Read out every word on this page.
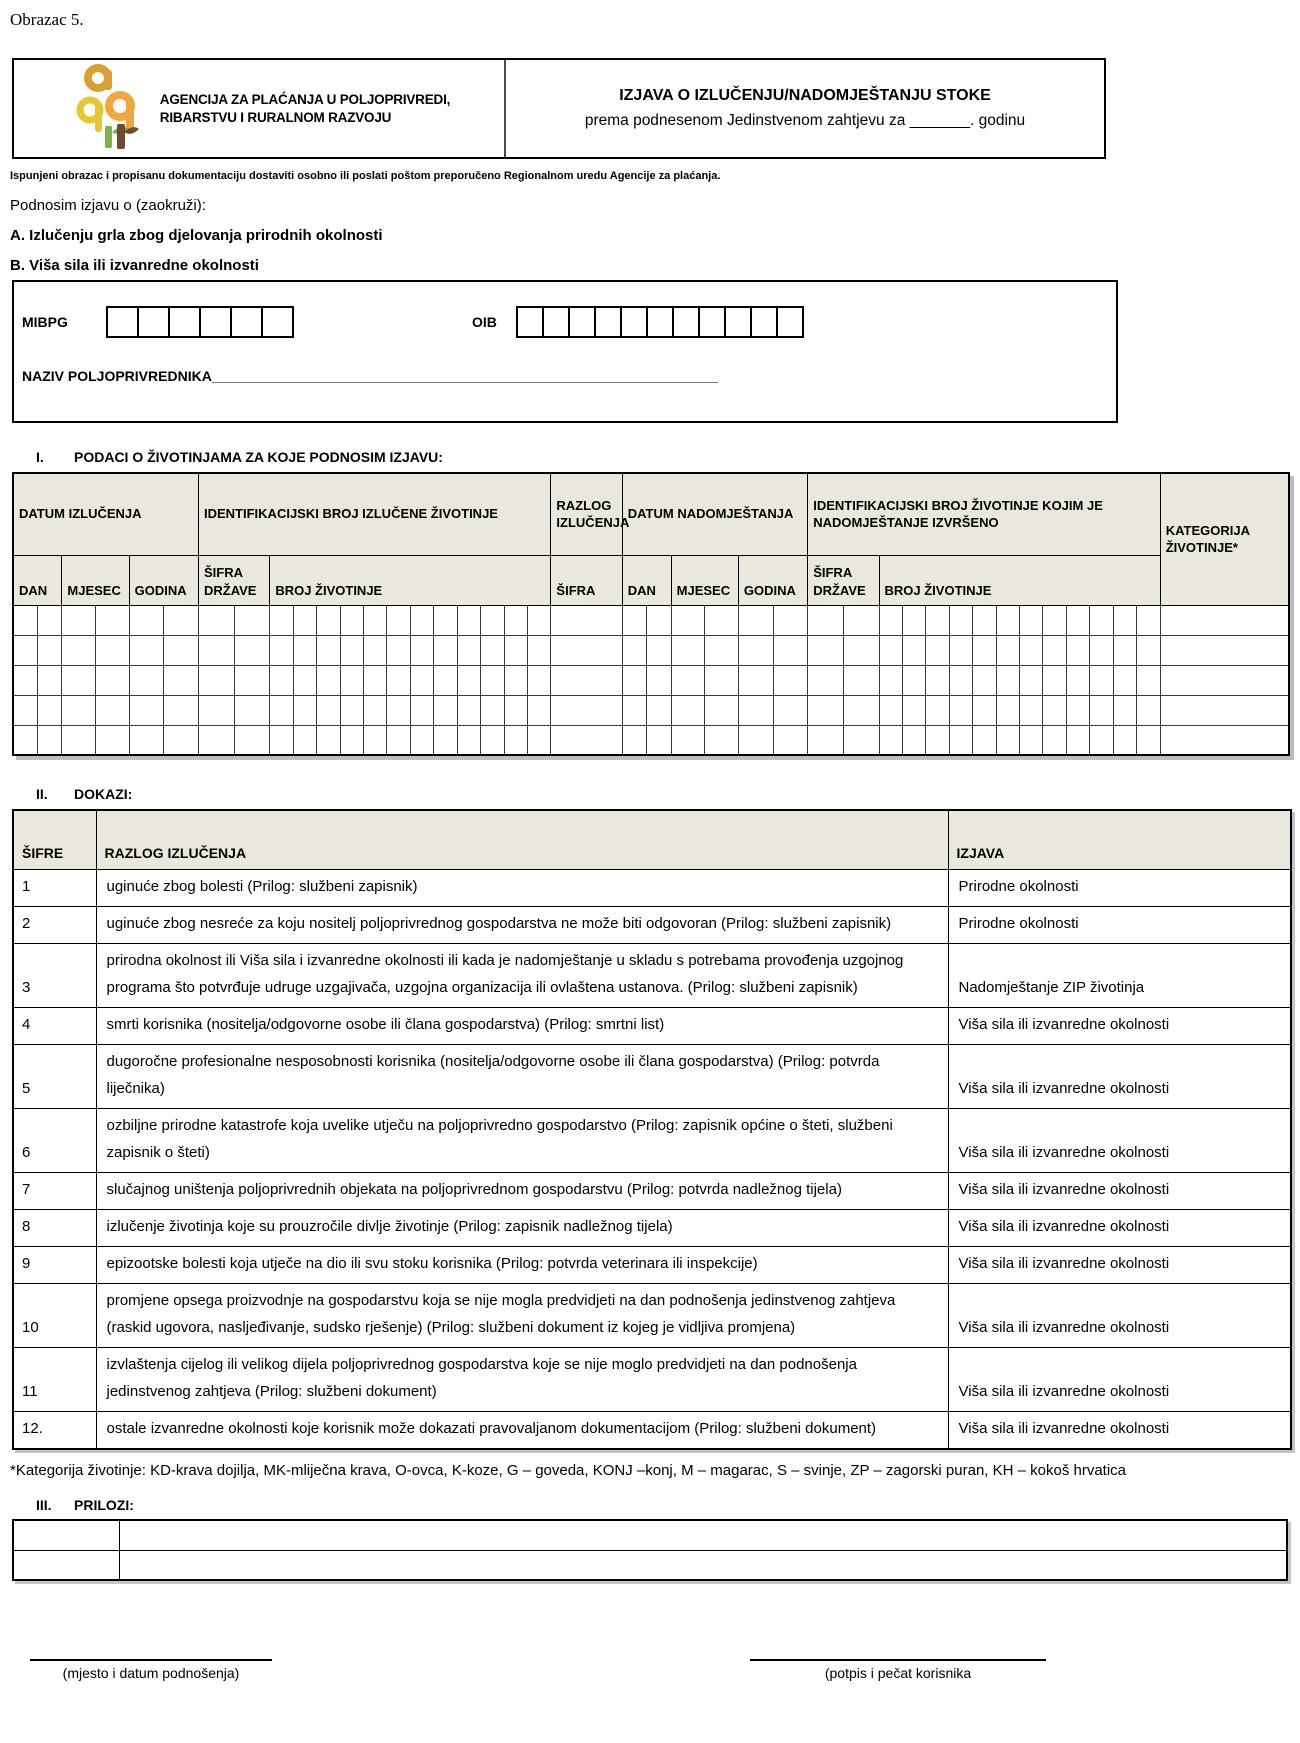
Obrazac 5.
AGENCIJA ZA PLAĆANJA U POLJOPRIVREDI,
RIBARSTVU I RURALNOM RAZVOJU
IZJAVA O IZLUČENJU/NADOMJEŠTANJU STOKE
prema podnesenom Jedinstvenom zahtjevu za _______. godinu
Ispunjeni obrazac i propisanu dokumentaciju dostaviti osobno ili poslati poštom preporučeno Regionalnom uredu Agencije za plaćanja.
Podnosim izjavu o (zaokruži):
A. Izlučenju grla zbog djelovanja prirodnih okolnosti
B. Viša sila ili izvanredne okolnosti
MIBPG	OIB
NAZIV POLJOPRIVREDNIKA_________________________________________________________________
I.	PODACI O ŽIVOTINJAMA ZA KOJE PODNOSIM IZJAVU:
DATUM IZLUČENJA						IDENTIFIKACIJSKI BROJ IZLUČENE ŽIVOTINJE														RAZLOG IZLUČENJA	DATUM NADOMJEŠTANJA						IDENTIFIKACIJSKI BROJ ŽIVOTINJE KOJIM JE NADOMJEŠTANJE IZVRŠENO														KATEGORIJA ŽIVOTINJE*
DAN		MJESEC		GODINA		ŠIFRA DRŽAVE		BROJ ŽIVOTINJE												ŠIFRA	DAN		MJESEC		GODINA		ŠIFRA DRŽAVE		BROJ ŽIVOTINJE												

II.	DOKAZI:
ŠIFRE	RAZLOG IZLUČENJA	IZJAVA
1	uginuće zbog bolesti (Prilog: službeni zapisnik)	Prirodne okolnosti
2	uginuće zbog nesreće za koju nositelj poljoprivrednog gospodarstva ne može biti odgovoran (Prilog: službeni zapisnik)	Prirodne okolnosti
3	prirodna okolnost ili Viša sila i izvanredne okolnosti ili kada je nadomještanje u skladu s potrebama provođenja uzgojnog programa što potvrđuje udruge uzgajivača, uzgojna organizacija ili ovlaštena ustanova. (Prilog: službeni zapisnik)	Nadomještanje ZIP životinja
4	smrti korisnika (nositelja/odgovorne osobe ili člana gospodarstva) (Prilog: smrtni list)	Viša sila ili izvanredne okolnosti
5	dugoročne profesionalne nesposobnosti korisnika (nositelja/odgovorne osobe ili člana gospodarstva) (Prilog: potvrda liječnika)	Viša sila ili izvanredne okolnosti
6	ozbiljne prirodne katastrofe koja uvelike utječu na poljoprivredno gospodarstvo (Prilog: zapisnik općine o šteti, službeni zapisnik o šteti)	Viša sila ili izvanredne okolnosti
7	slučajnog uništenja poljoprivrednih objekata na poljoprivrednom gospodarstvu (Prilog: potvrda nadležnog tijela)	Viša sila ili izvanredne okolnosti
8	izlučenje životinja koje su prouzročile divlje životinje (Prilog: zapisnik nadležnog tijela)	Viša sila ili izvanredne okolnosti
9	epizootske bolesti koja utječe na dio ili svu stoku korisnika (Prilog: potvrda veterinara ili inspekcije)	Viša sila ili izvanredne okolnosti
10	promjene opsega proizvodnje na gospodarstvu koja se nije mogla predvidjeti na dan podnošenja jedinstvenog zahtjeva (raskid ugovora, nasljeđivanje, sudsko rješenje) (Prilog: službeni dokument iz kojeg je vidljiva promjena)	Viša sila ili izvanredne okolnosti
11	izvlaštenja cijelog ili velikog dijela poljoprivrednog gospodarstva koje se nije moglo predvidjeti na dan podnošenja jedinstvenog zahtjeva (Prilog: službeni dokument)	Viša sila ili izvanredne okolnosti
12.	ostale izvanredne okolnosti koje korisnik može dokazati pravovaljanom dokumentacijom (Prilog: službeni dokument)	Viša sila ili izvanredne okolnosti
*Kategorija životinje: KD-krava dojilja, MK-mliječna krava, O-ovca, K-koze, G – goveda, KONJ –konj, M – magarac, S – svinje, ZP – zagorski puran, KH – kokoš hrvatica
III.	PRILOZI:

(mjesto i datum podnošenja)	(potpis i pečat korisnika
